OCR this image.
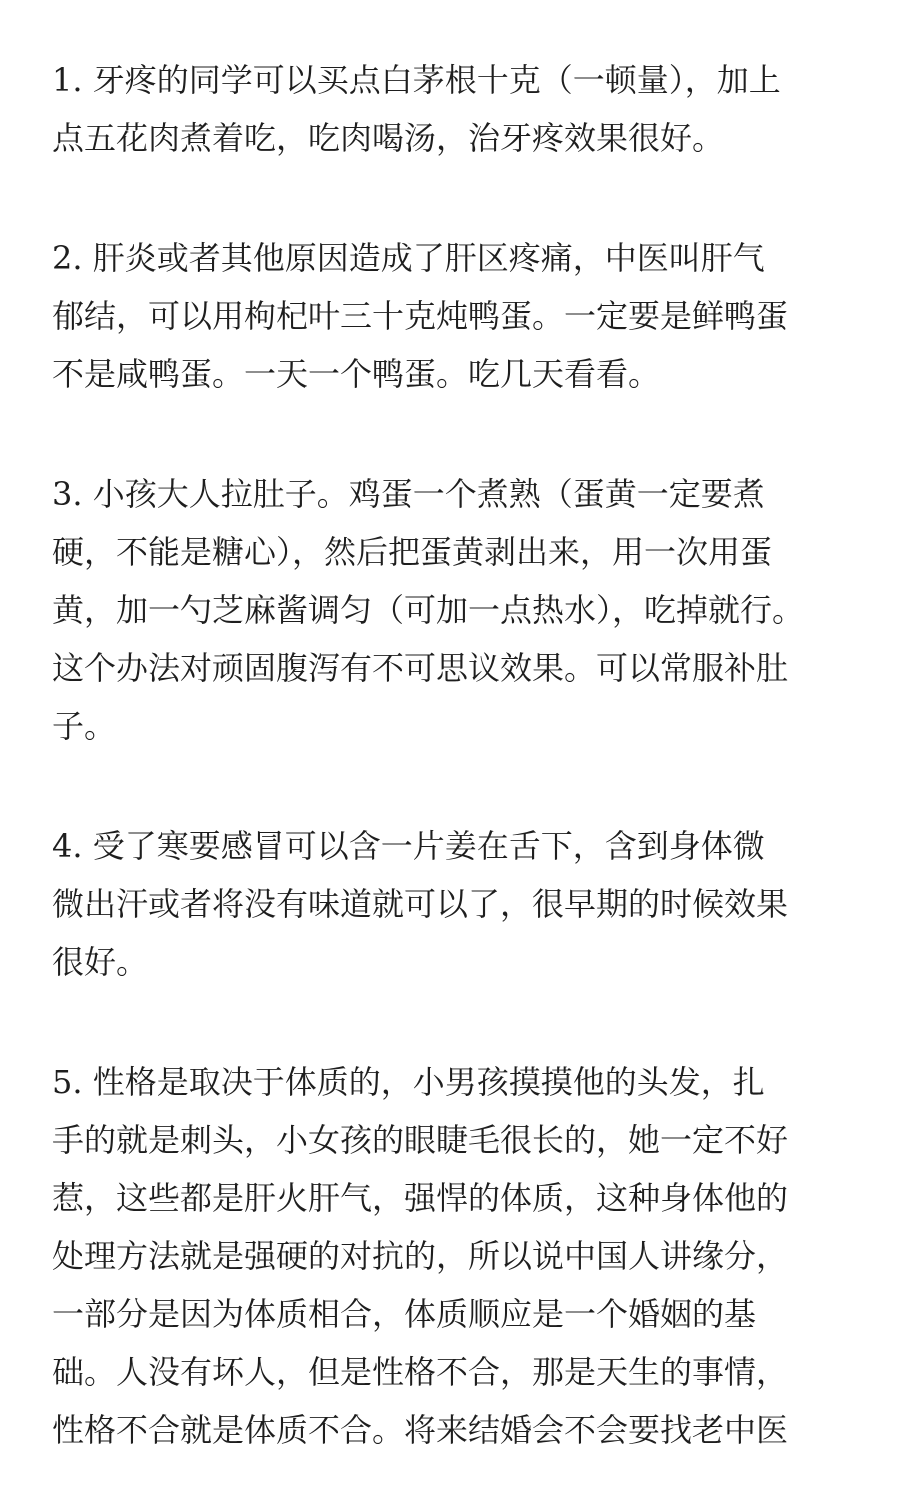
1. 牙疼的同学可以买点白茅根十克（一顿量），加上

点五花肉煮着吃，吃肉喝汤，治牙疼效果很好。

2. 肝炎或者其他原因造成了肝区疼痛，中医叫肝气

郁结，可以用枸杞叶三十克炖鸭蛋。一定要是鲜鸭蛋

不是咸鸭蛋。一天一个鸭蛋。吃几天看看。

3. 小孩大人拉肚子。鸡蛋一个煮熟（蛋黄一定要煮

硬，不能是糖心），然后把蛋黄剥出来，用一次用蛋

黄，加一勺芝麻酱调匀（可加一点热水），吃掉就行。

这个办法对顽固腹泻有不可思议效果。可以常服补肚

子。

4. 受了寒要感冒可以含一片姜在舌下，含到身体微

微出汗或者将没有味道就可以了，很早期的时候效果

很好。

5. 性格是取决于体质的，小男孩摸摸他的头发，扎

手的就是刺头，小女孩的眼睫毛很长的，她一定不好

惹，这些都是肝火肝气，强悍的体质，这种身体他的

处理方法就是强硬的对抗的，所以说中国人讲缘分，

一部分是因为体质相合，体质顺应是一个婚姻的基

础。人没有坏人，但是性格不合，那是天生的事情，

性格不合就是体质不合。将来结婚会不会要找老中医
